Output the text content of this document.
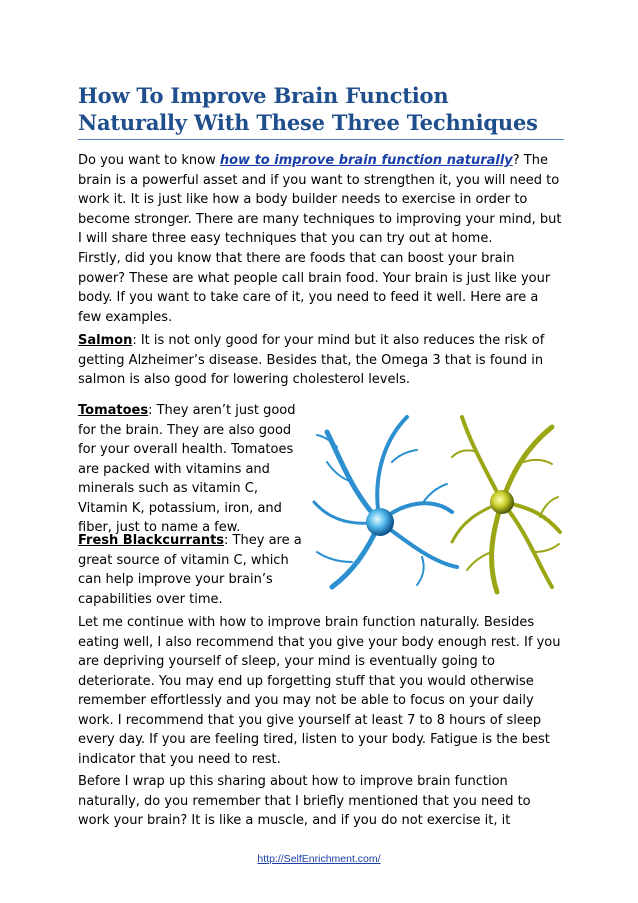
How To Improve Brain Function Naturally With These Three Techniques

Do you want to know how to improve brain function naturally? The brain is a powerful asset and if you want to strengthen it, you will need to work it. It is just like how a body builder needs to exercise in order to become stronger. There are many techniques to improving your mind, but I will share three easy techniques that you can try out at home.

Firstly, did you know that there are foods that can boost your brain power? These are what people call brain food. Your brain is just like your body. If you want to take care of it, you need to feed it well. Here are a few examples.

Salmon: It is not only good for your mind but it also reduces the risk of getting Alzheimer’s disease. Besides that, the Omega 3 that is found in salmon is also good for lowering cholesterol levels.

Tomatoes: They aren’t just good for the brain. They are also good for your overall health. Tomatoes are packed with vitamins and minerals such as vitamin C, Vitamin K, potassium, iron, and fiber, just to name a few.

Fresh Blackcurrants: They are a great source of vitamin C, which can help improve your brain’s capabilities over time.

Let me continue with how to improve brain function naturally. Besides eating well, I also recommend that you give your body enough rest. If you are depriving yourself of sleep, your mind is eventually going to deteriorate. You may end up forgetting stuff that you would otherwise remember effortlessly and you may not be able to focus on your daily work. I recommend that you give yourself at least 7 to 8 hours of sleep every day. If you are feeling tired, listen to your body. Fatigue is the best indicator that you need to rest.

Before I wrap up this sharing about how to improve brain function naturally, do you remember that I briefly mentioned that you need to work your brain? It is like a muscle, and if you do not exercise it, it

http://SelfEnrichment.com/
